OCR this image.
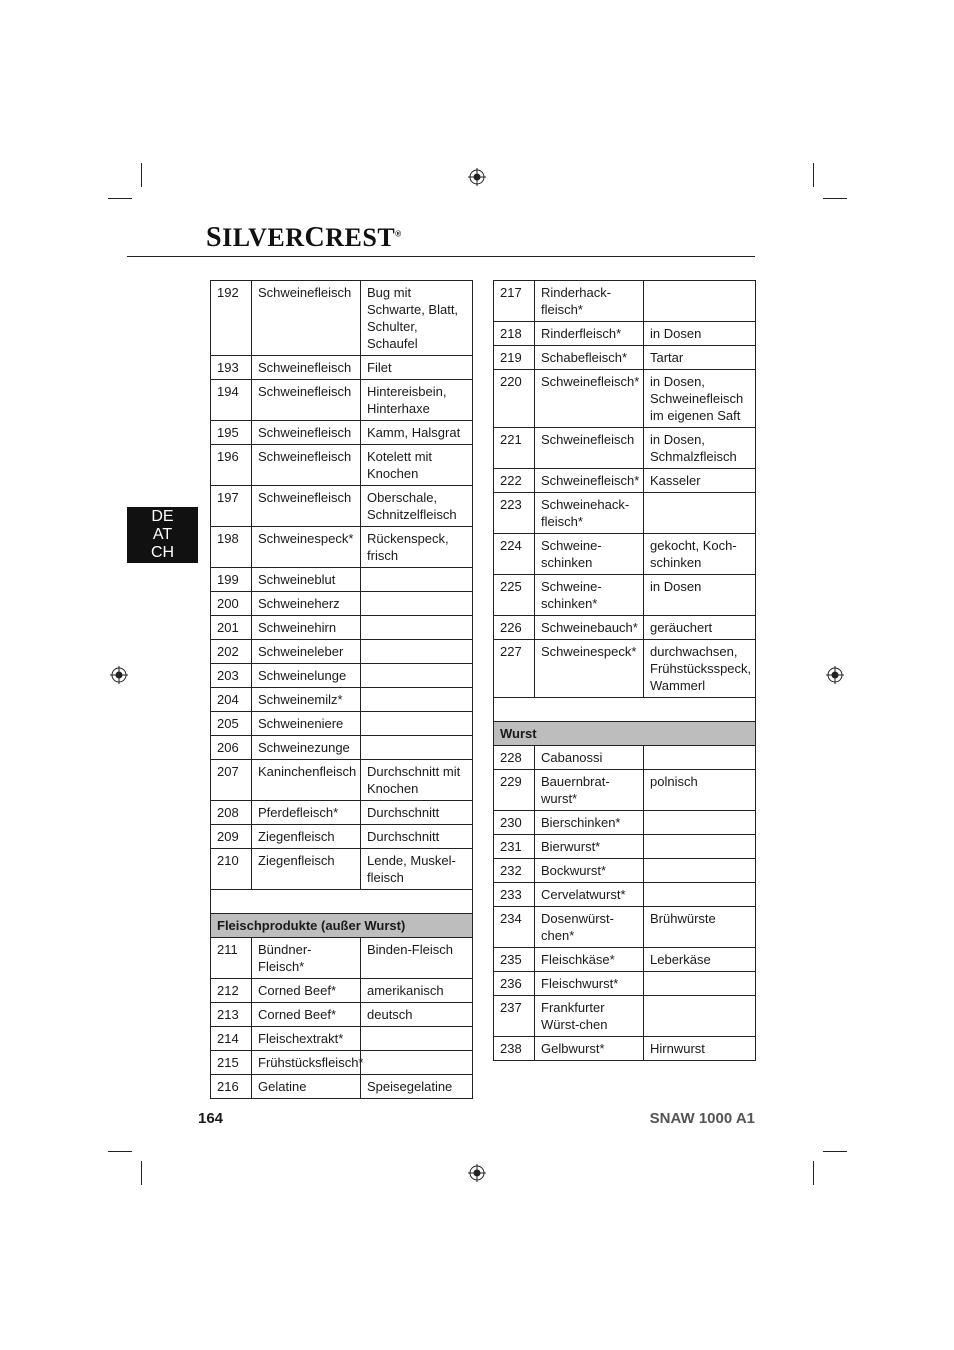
SILVERCREST®
DE
AT
CH
192	Schweinefleisch	Bug mit Schwarte, Blatt, Schulter, Schaufel
193	Schweinefleisch	Filet
194	Schweinefleisch	Hintereisbein, Hinterhaxe
195	Schweinefleisch	Kamm, Halsgrat
196	Schweinefleisch	Kotelett mit Knochen
197	Schweinefleisch	Oberschale, Schnitzelfleisch
198	Schweinespeck*	Rückenspeck, frisch
199	Schweineblut	
200	Schweineherz	
201	Schweinehirn	
202	Schweineleber	
203	Schweinelunge	
204	Schweinemilz*	
205	Schweineniere	
206	Schweinezunge	
207	Kaninchenfleisch	Durchschnitt mit Knochen
208	Pferdefleisch*	Durchschnitt
209	Ziegenfleisch	Durchschnitt
210	Ziegenfleisch	Lende, Muskel-fleisch

Fleischprodukte (außer Wurst)		
211	Bündner-Fleisch*	Binden-Fleisch
212	Corned Beef*	amerikanisch
213	Corned Beef*	deutsch
214	Fleischextrakt*	
215	Frühstücksfleisch*	
216	Gelatine	Speisegelatine
217	Rinderhack-fleisch*	
218	Rinderfleisch*	in Dosen
219	Schabefleisch*	Tartar
220	Schweinefleisch*	in Dosen, Schweinefleisch im eigenen Saft
221	Schweinefleisch	in Dosen, Schmalzfleisch
222	Schweinefleisch*	Kasseler
223	Schweinehack-fleisch*	
224	Schweine-schinken	gekocht, Koch-schinken
225	Schweine-schinken*	in Dosen
226	Schweinebauch*	geräuchert
227	Schweinespeck*	durchwachsen, Frühstücksspeck, Wammerl

Wurst		
228	Cabanossi	
229	Bauernbrat-wurst*	polnisch
230	Bierschinken*	
231	Bierwurst*	
232	Bockwurst*	
233	Cervelatwurst*	
234	Dosenwürst-chen*	Brühwürste
235	Fleischkäse*	Leberkäse
236	Fleischwurst*	
237	Frankfurter Würst-chen	
238	Gelbwurst*	Hirnwurst
164	SNAW 1000 A1
